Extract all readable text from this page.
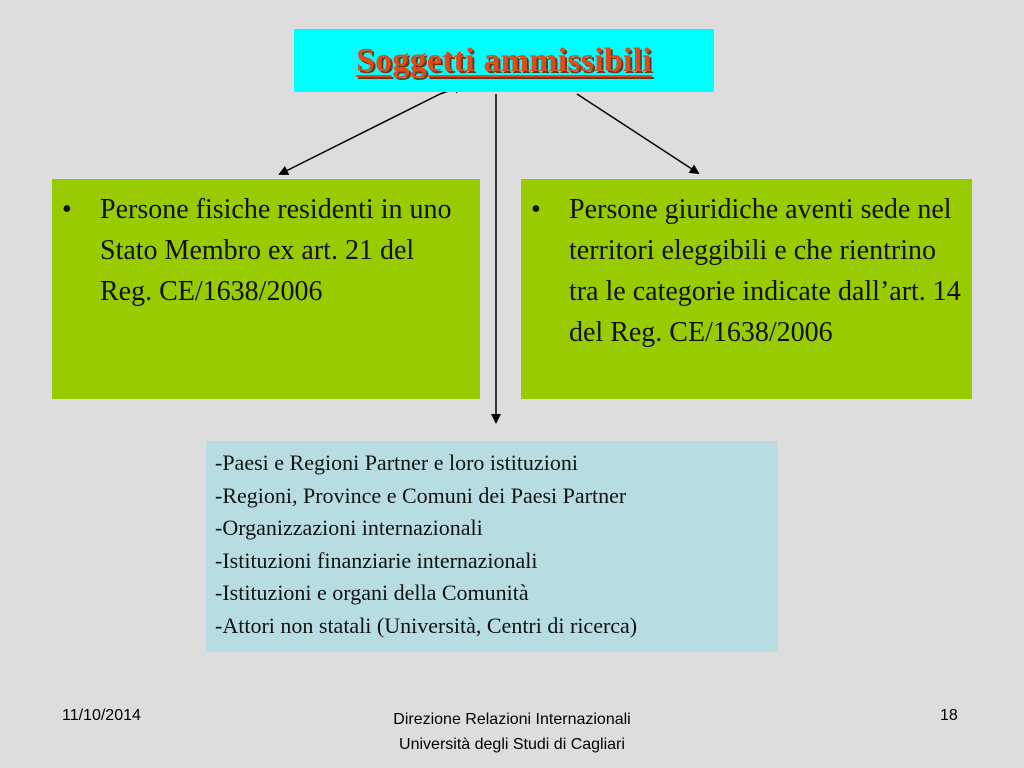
Soggetti ammissibili
•	Persone fisiche residenti in uno Stato Membro ex art. 21 del Reg. CE/1638/2006
•	Persone giuridiche aventi sede nel territori eleggibili e che rientrino tra le categorie indicate dall’art. 14 del Reg. CE/1638/2006
-Paesi e Regioni Partner e loro istituzioni
-Regioni, Province e Comuni dei Paesi Partner
-Organizzazioni internazionali
-Istituzioni finanziarie internazionali
-Istituzioni e organi della Comunità
-Attori non statali (Università, Centri di ricerca)
11/10/2014	Direzione Relazioni Internazionali
Università degli Studi di Cagliari
18
